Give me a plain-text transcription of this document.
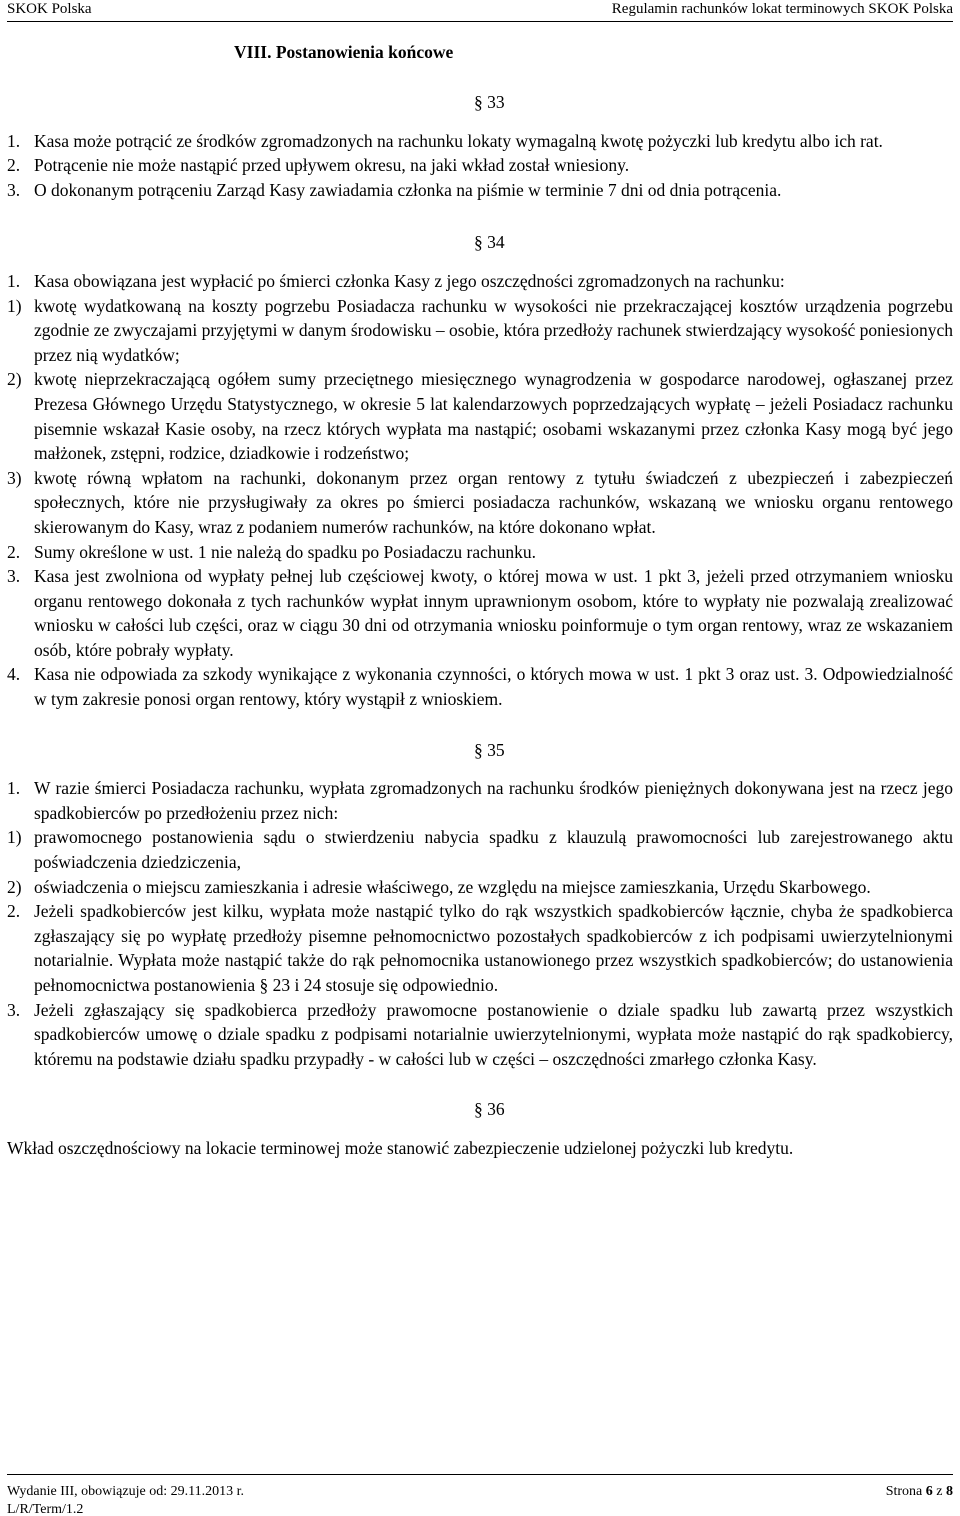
SKOK Polska	Regulamin rachunków lokat terminowych SKOK Polska
VIII. Postanowienia końcowe
§ 33
1. Kasa może potrącić ze środków zgromadzonych na rachunku lokaty wymagalną kwotę pożyczki lub kredytu albo ich rat.
2. Potrącenie nie może nastąpić przed upływem okresu, na jaki wkład został wniesiony.
3. O dokonanym potrąceniu Zarząd Kasy zawiadamia członka na piśmie w terminie 7 dni od dnia potrącenia.
§ 34
1. Kasa obowiązana jest wypłacić po śmierci członka Kasy z jego oszczędności zgromadzonych na rachunku:
1) kwotę wydatkowaną na koszty pogrzebu Posiadacza rachunku w wysokości nie przekraczającej kosztów urządzenia pogrzebu zgodnie ze zwyczajami przyjętymi w danym środowisku – osobie, która przedłoży rachunek stwierdzający wysokość poniesionych przez nią wydatków;
2) kwotę nieprzekraczającą ogółem sumy przeciętnego miesięcznego wynagrodzenia w gospodarce narodowej, ogłaszanej przez Prezesa Głównego Urzędu Statystycznego, w okresie 5 lat kalendarzowych poprzedzających wypłatę – jeżeli Posiadacz rachunku pisemnie wskazał Kasie osoby, na rzecz których wypłata ma nastąpić; osobami wskazanymi przez członka Kasy mogą być jego małżonek, zstępni, rodzice, dziadkowie i rodzeństwo;
3) kwotę równą wpłatom na rachunki, dokonanym przez organ rentowy z tytułu świadczeń z ubezpieczeń i zabezpieczeń społecznych, które nie przysługiwały za okres po śmierci posiadacza rachunków, wskazaną we wniosku organu rentowego skierowanym do Kasy, wraz z podaniem numerów rachunków, na które dokonano wpłat.
2. Sumy określone w ust. 1 nie należą do spadku po Posiadaczu rachunku.
3. Kasa jest zwolniona od wypłaty pełnej lub częściowej kwoty, o której mowa w ust. 1 pkt 3, jeżeli przed otrzymaniem wniosku organu rentowego dokonała z tych rachunków wypłat innym uprawnionym osobom, które to wypłaty nie pozwalają zrealizować wniosku w całości lub części, oraz w ciągu 30 dni od otrzymania wniosku poinformuje o tym organ rentowy, wraz ze wskazaniem osób, które pobrały wypłaty.
4. Kasa nie odpowiada za szkody wynikające z wykonania czynności, o których mowa w ust. 1 pkt 3 oraz ust. 3. Odpowiedzialność w tym zakresie ponosi organ rentowy, który wystąpił z wnioskiem.
§ 35
1. W razie śmierci Posiadacza rachunku, wypłata zgromadzonych na rachunku środków pieniężnych dokonywana jest na rzecz jego spadkobierców po przedłożeniu przez nich:
1) prawomocnego postanowienia sądu o stwierdzeniu nabycia spadku z klauzulą prawomocności lub zarejestrowanego aktu poświadczenia dziedziczenia,
2) oświadczenia o miejscu zamieszkania i adresie właściwego, ze względu na miejsce zamieszkania, Urzędu Skarbowego.
2. Jeżeli spadkobierców jest kilku, wypłata może nastąpić tylko do rąk wszystkich spadkobierców łącznie, chyba że spadkobierca zgłaszający się po wypłatę przedłoży pisemne pełnomocnictwo pozostałych spadkobierców z ich podpisami uwierzytelnionymi notarialnie. Wypłata może nastąpić także do rąk pełnomocnika ustanowionego przez wszystkich spadkobierców; do ustanowienia pełnomocnictwa postanowienia § 23 i 24 stosuje się odpowiednio.
3. Jeżeli zgłaszający się spadkobierca przedłoży prawomocne postanowienie o dziale spadku lub zawartą przez wszystkich spadkobierców umowę o dziale spadku z podpisami notarialnie uwierzytelnionymi, wypłata może nastąpić do rąk spadkobiercy, któremu na podstawie działu spadku przypadły - w całości lub w części – oszczędności zmarłego członka Kasy.
§ 36
Wkład oszczędnościowy na lokacie terminowej może stanowić zabezpieczenie udzielonej pożyczki lub kredytu.
Wydanie III, obowiązuje od: 29.11.2013 r.
L/R/Term/1.2
Strona 6 z 8
